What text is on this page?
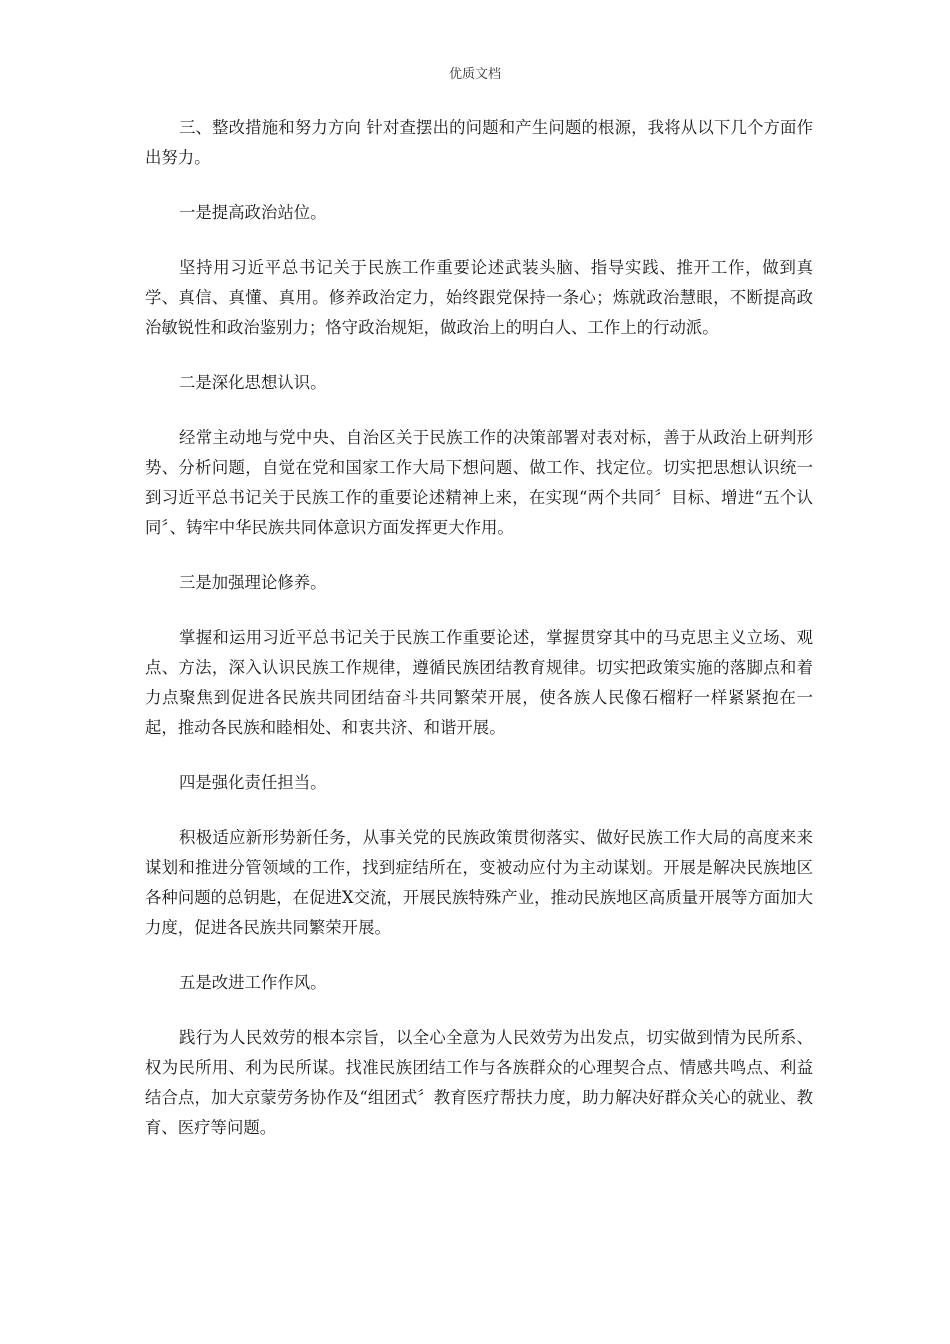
优质文档

三、整改措施和努力方向 针对查摆出的问题和产生问题的根源，我将从以下几个方面作出努力。

一是提高政治站位。

坚持用习近平总书记关于民族工作重要论述武装头脑、指导实践、推开工作，做到真学、真信、真懂、真用。修养政治定力，始终跟党保持一条心；炼就政治慧眼，不断提高政治敏锐性和政治鉴别力；恪守政治规矩，做政治上的明白人、工作上的行动派。

二是深化思想认识。

经常主动地与党中央、自治区关于民族工作的决策部署对表对标，善于从政治上研判形势、分析问题，自觉在党和国家工作大局下想问题、做工作、找定位。切实把思想认识统一到习近平总书记关于民族工作的重要论述精神上来，在实现“两个共同〞目标、增进“五个认同〞、铸牢中华民族共同体意识方面发挥更大作用。

三是加强理论修养。

掌握和运用习近平总书记关于民族工作重要论述，掌握贯穿其中的马克思主义立场、观点、方法，深入认识民族工作规律，遵循民族团结教育规律。切实把政策实施的落脚点和着力点聚焦到促进各民族共同团结奋斗共同繁荣开展，使各族人民像石榴籽一样紧紧抱在一起，推动各民族和睦相处、和衷共济、和谐开展。

四是强化责任担当。

积极适应新形势新任务，从事关党的民族政策贯彻落实、做好民族工作大局的高度来来谋划和推进分管领域的工作，找到症结所在，变被动应付为主动谋划。开展是解决民族地区各种问题的总钥匙，在促进X交流，开展民族特殊产业，推动民族地区高质量开展等方面加大力度，促进各民族共同繁荣开展。

五是改进工作作风。

践行为人民效劳的根本宗旨，以全心全意为人民效劳为出发点，切实做到情为民所系、权为民所用、利为民所谋。找准民族团结工作与各族群众的心理契合点、情感共鸣点、利益结合点，加大京蒙劳务协作及“组团式〞教育医疗帮扶力度，助力解决好群众关心的就业、教育、医疗等问题。
